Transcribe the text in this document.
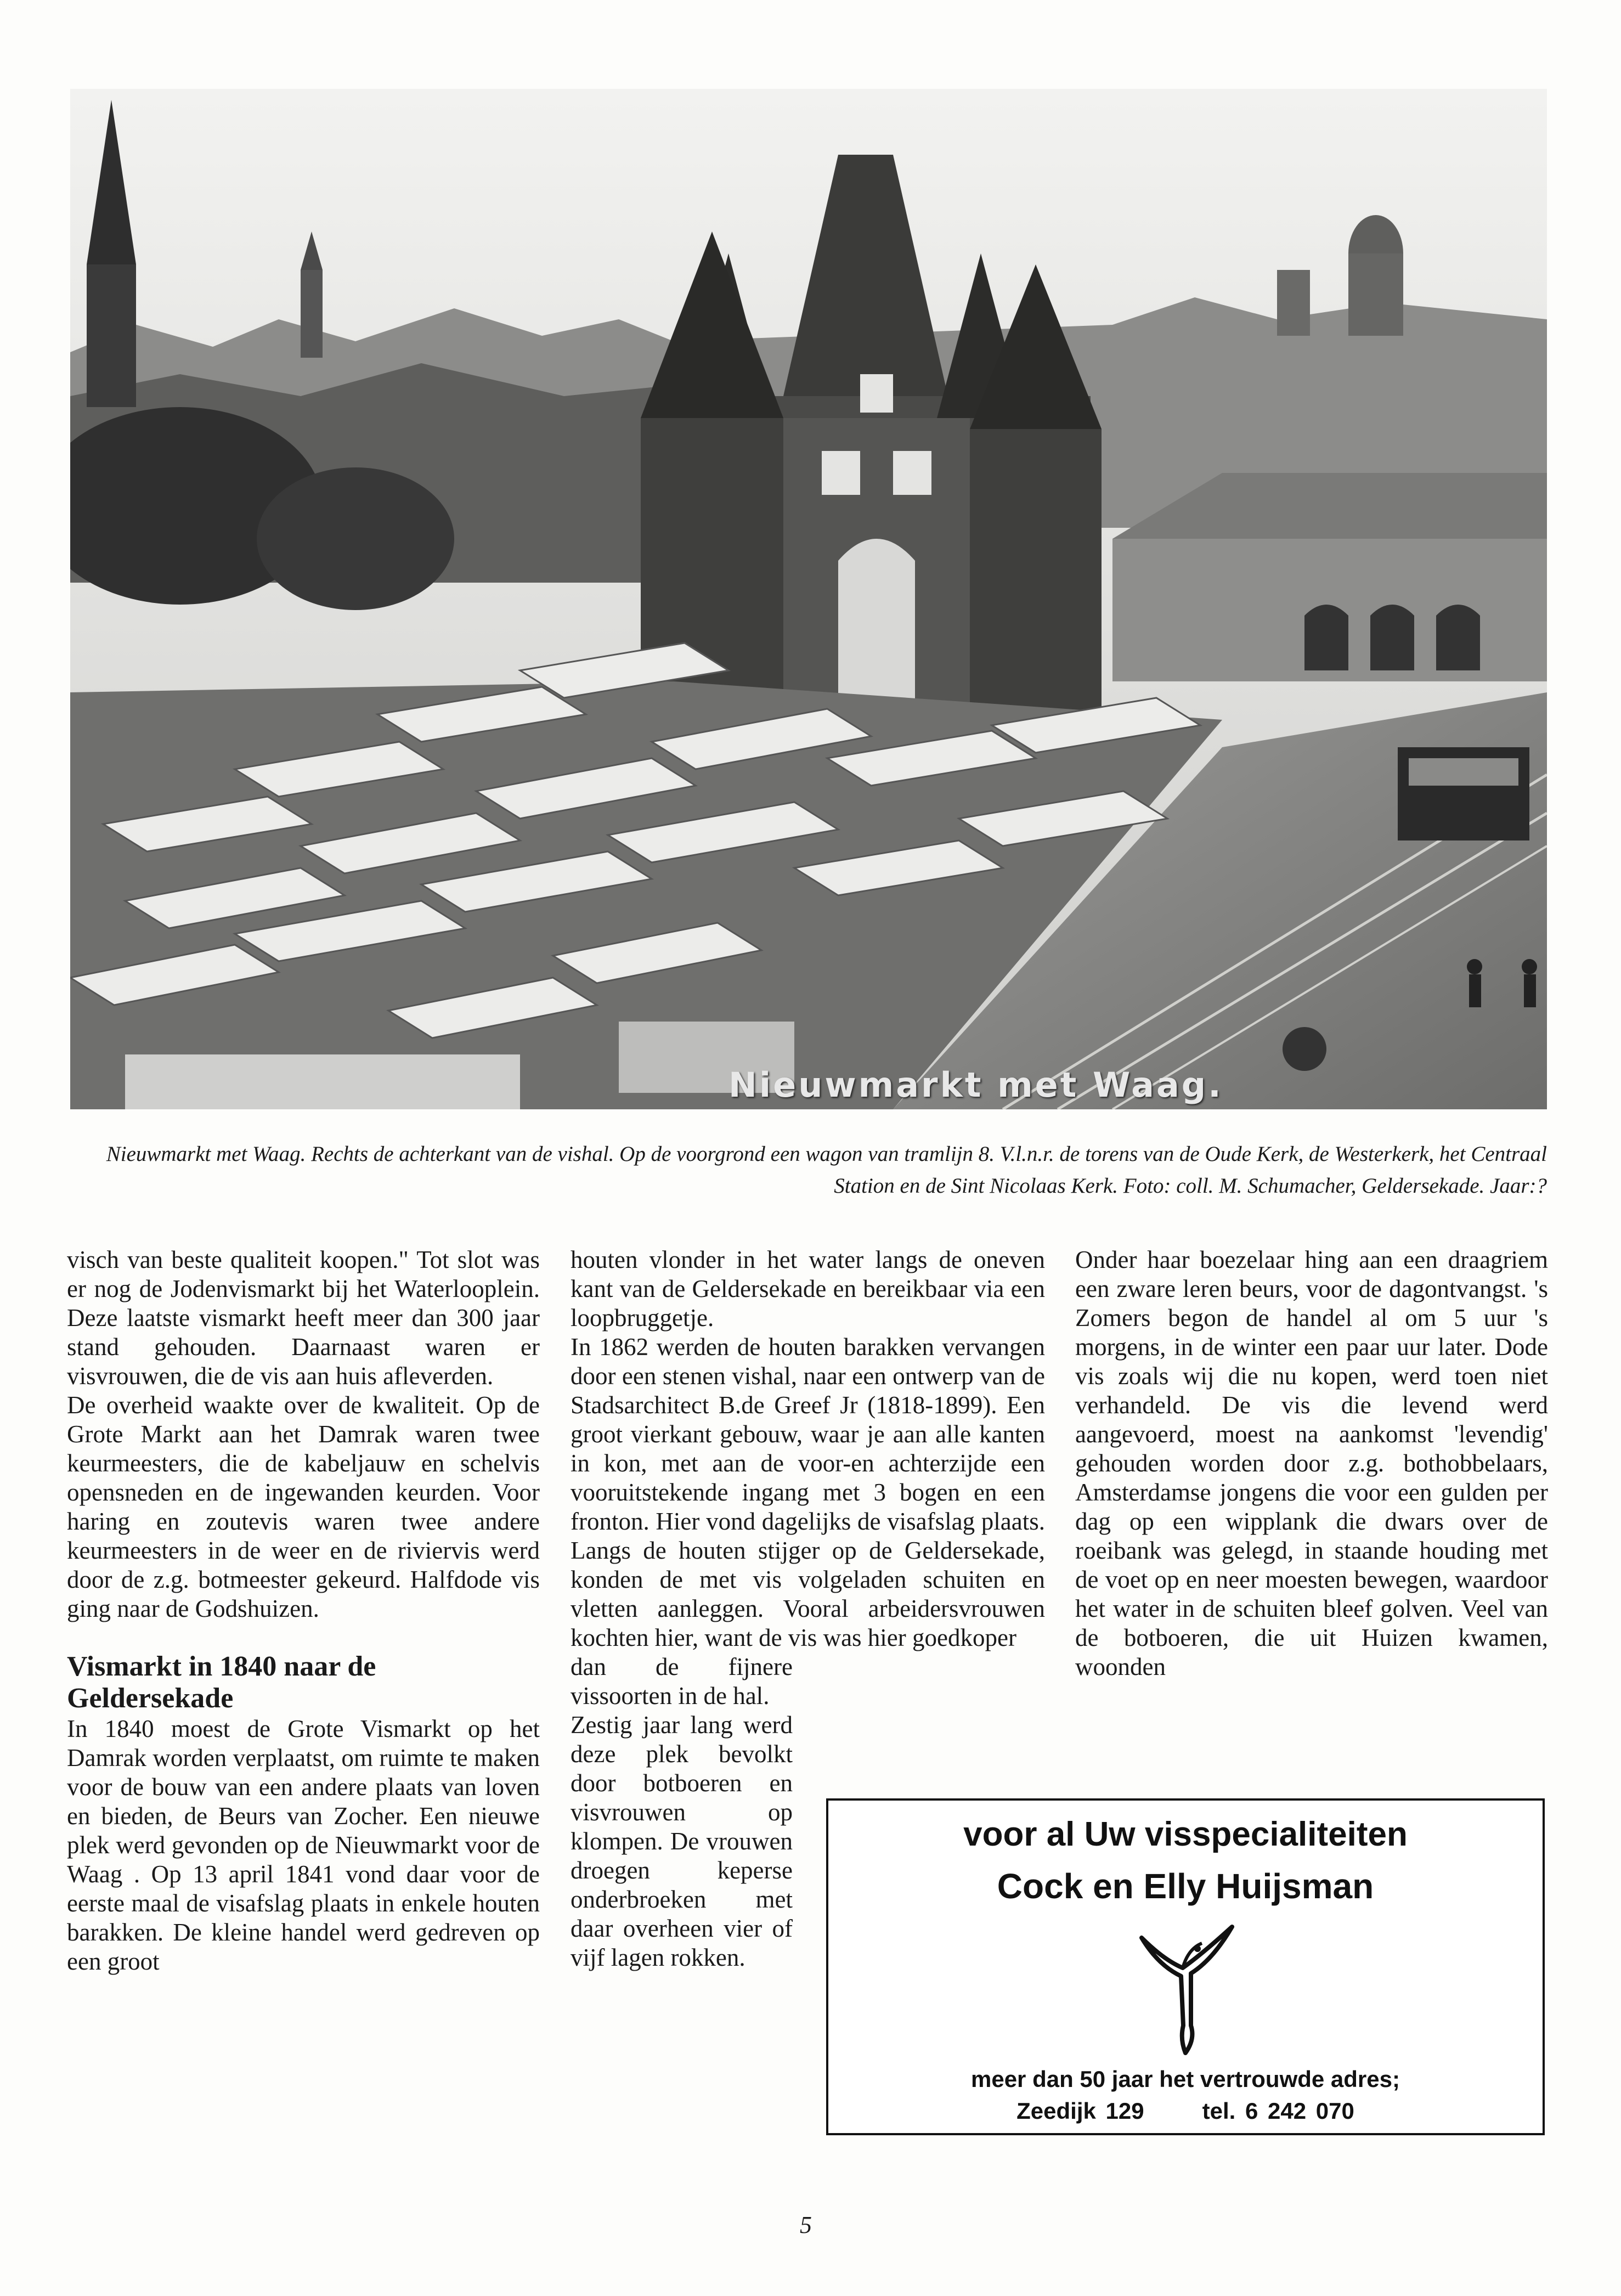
Nieuwmarkt met Waag.
Nieuwmarkt met Waag. Rechts de achterkant van de vishal. Op de voorgrond een wagon van tramlijn 8. V.l.n.r. de torens van de Oude Kerk, de Westerkerk, het Centraal
Station en de Sint Nicolaas Kerk. Foto: coll. M. Schumacher, Geldersekade. Jaar:?

visch van beste qualiteit koopen." Tot slot was er nog de Jodenvismarkt bij het Waterlooplein. Deze laatste vismarkt heeft meer dan 300 jaar stand gehouden. Daarnaast waren er visvrouwen, die de vis aan huis afleverden.

De overheid waakte over de kwaliteit. Op de Grote Markt aan het Damrak waren twee keurmeesters, die de kabeljauw en schelvis opensneden en de ingewanden keurden. Voor haring en zoutevis waren twee andere keurmeesters in de weer en de riviervis werd door de z.g. botmeester gekeurd. Halfdode vis ging naar de Godshuizen.

Vismarkt in 1840 naar de Geldersekade

In 1840 moest de Grote Vismarkt op het Damrak worden verplaatst, om ruimte te maken voor de bouw van een andere plaats van loven en bieden, de Beurs van Zocher. Een nieuwe plek werd gevonden op de Nieuwmarkt voor de Waag . Op 13 april 1841 vond daar voor de eerste maal de visafslag plaats in enkele houten barakken. De kleine handel werd gedreven op een groot

houten vlonder in het water langs de oneven kant van de Geldersekade en bereikbaar via een loopbruggetje.

In 1862 werden de houten barakken vervangen door een stenen vishal, naar een ontwerp van de Stadsarchitect B.de Greef Jr (1818-1899). Een groot vierkant gebouw, waar je aan alle kanten in kon, met aan de voor-en achterzijde een vooruitstekende ingang met 3 bogen en een fronton. Hier vond dagelijks de visafslag plaats. Langs de houten stijger op de Geldersekade, konden de met vis volgeladen schuiten en vletten aanleggen. Vooral arbeidersvrouwen kochten hier, want de vis was hier goedkoper

dan de fijnere vissoorten in de hal.

Zestig jaar lang werd deze plek bevolkt door botboeren en visvrouwen op klompen. De vrouwen droegen keperse onderbroeken met daar overheen vier of vijf lagen rokken.

Onder haar boezelaar hing aan een draagriem een zware leren beurs, voor de dagontvangst. 's Zomers begon de handel al om 5 uur 's morgens, in de winter een paar uur later. Dode vis zoals wij die nu kopen, werd toen niet verhandeld. De vis die levend werd aangevoerd, moest na aankomst 'levendig' gehouden worden door z.g. bothobbelaars, Amsterdamse jongens die voor een gulden per dag op een wipplank die dwars over de roeibank was gelegd, in staande houding met de voet op en neer moesten bewegen, waardoor het water in de schuiten bleef golven. Veel van de botboeren, die uit Huizen kwamen, woonden

voor al Uw visspecialiteiten
Cock en Elly Huijsman
meer dan 50 jaar het vertrouwde adres;
Zeedijk 129	tel. 6 242 070
5
